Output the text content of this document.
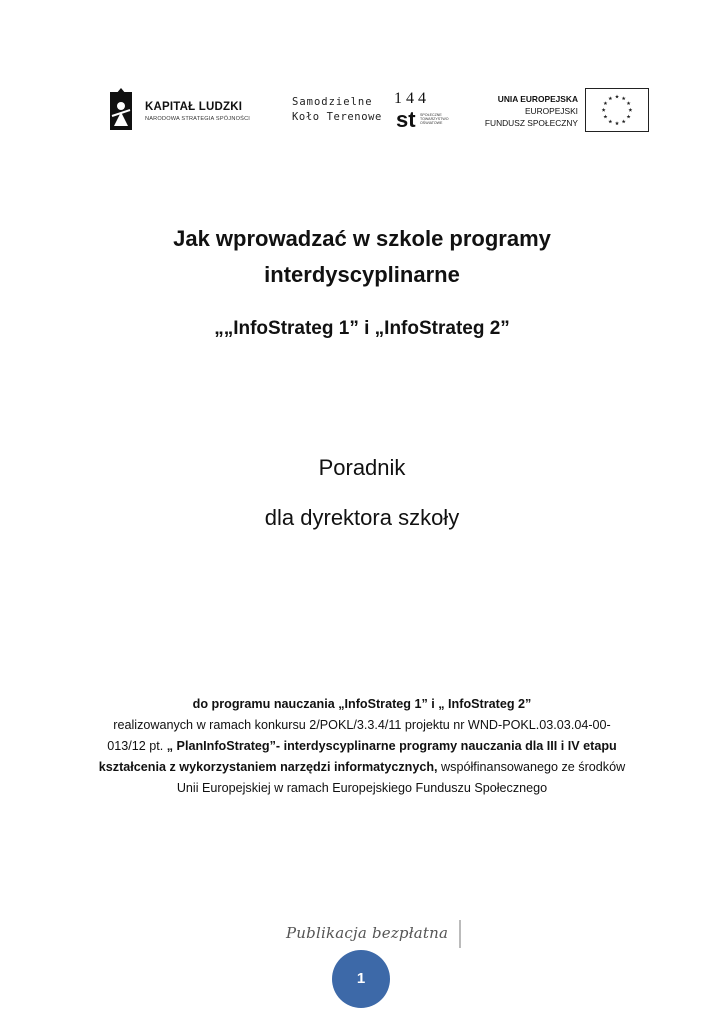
KAPITAŁ LUDZKI
NARODOWA STRATEGIA SPÓJNOŚCI
Samodzielne
Koło Terenowe
144
st SPOŁECZNE TOWARZYSTWO OŚWIATOWE
UNIA EUROPEJSKA
EUROPEJSKI
FUNDUSZ SPOŁECZNY
Jak wprowadzać w szkole programy
interdyscyplinarne
„„InfoStrateg 1” i „InfoStrateg 2”
Poradnik
dla dyrektora szkoły
do programu nauczania „InfoStrateg 1” i „ InfoStrateg 2”
realizowanych w ramach konkursu 2/POKL/3.3.4/11 projektu nr WND-POKL.03.03.04-00-
013/12 pt. „ PlanInfoStrateg”- interdyscyplinarne programy nauczania dla III i IV etapu
kształcenia z wykorzystaniem narzędzi informatycznych, współfinansowanego ze środków
Unii Europejskiej w ramach Europejskiego Funduszu Społecznego
Publikacja bezpłatna
1
